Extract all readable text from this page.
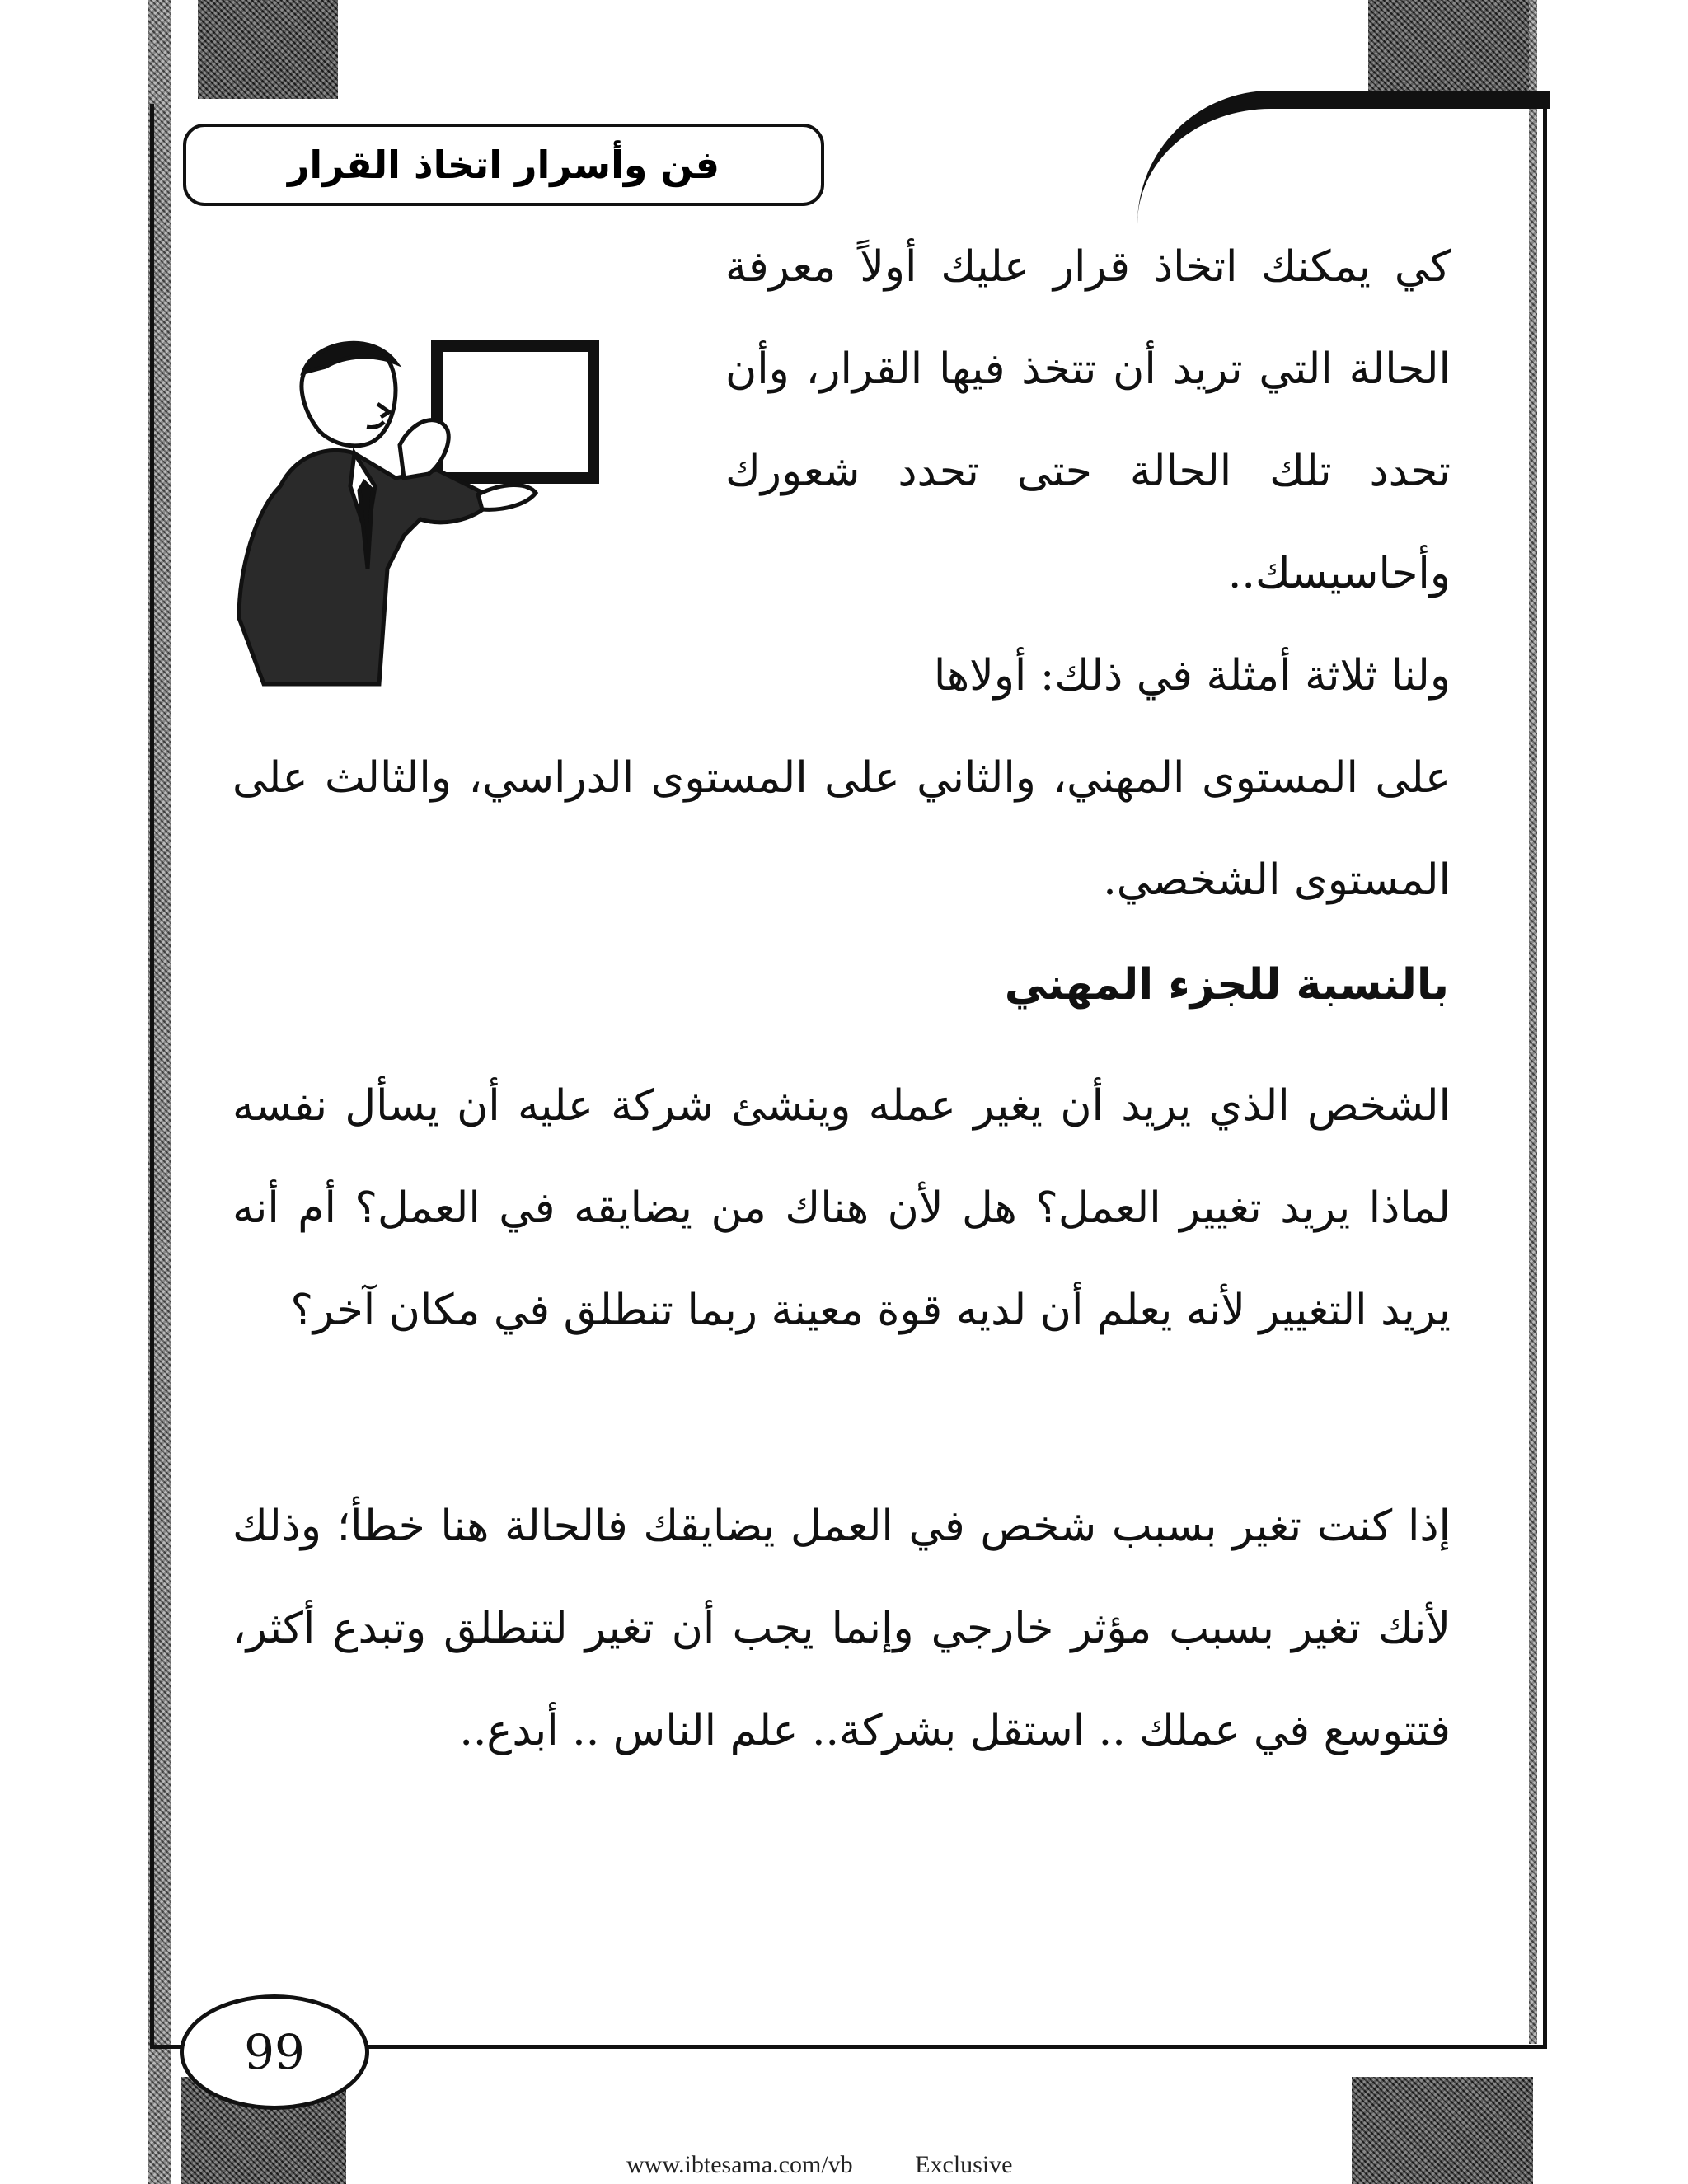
فن وأسرار اتخاذ القرار

كي يمكنك اتخاذ قرار عليك أولاً معرفة الحالة التي تريد أن تتخذ فيها القرار، وأن تحدد تلك الحالة حتى تحدد شعورك وأحاسيسك..

ولنا ثلاثة أمثلة في ذلك: أولاها

على المستوى المهني، والثاني على المستوى الدراسي، والثالث على المستوى الشخصي.

بالنسبة للجزء المهني

الشخص الذي يريد أن يغير عمله وينشئ شركة عليه أن يسأل نفسه لماذا يريد تغيير العمل؟ هل لأن هناك من يضايقه في العمل؟ أم أنه يريد التغيير لأنه يعلم أن لديه قوة معينة ربما تنطلق في مكان آخر؟

إذا كنت تغير بسبب شخص في العمل يضايقك فالحالة هنا خطأ؛ وذلك لأنك تغير بسبب مؤثر خارجي وإنما يجب أن تغير لتنطلق وتبدع أكثر، فتتوسع في عملك .. استقل بشركة.. علم الناس .. أبدع..

99
www.ibtesama.com/vb	Exclusive
